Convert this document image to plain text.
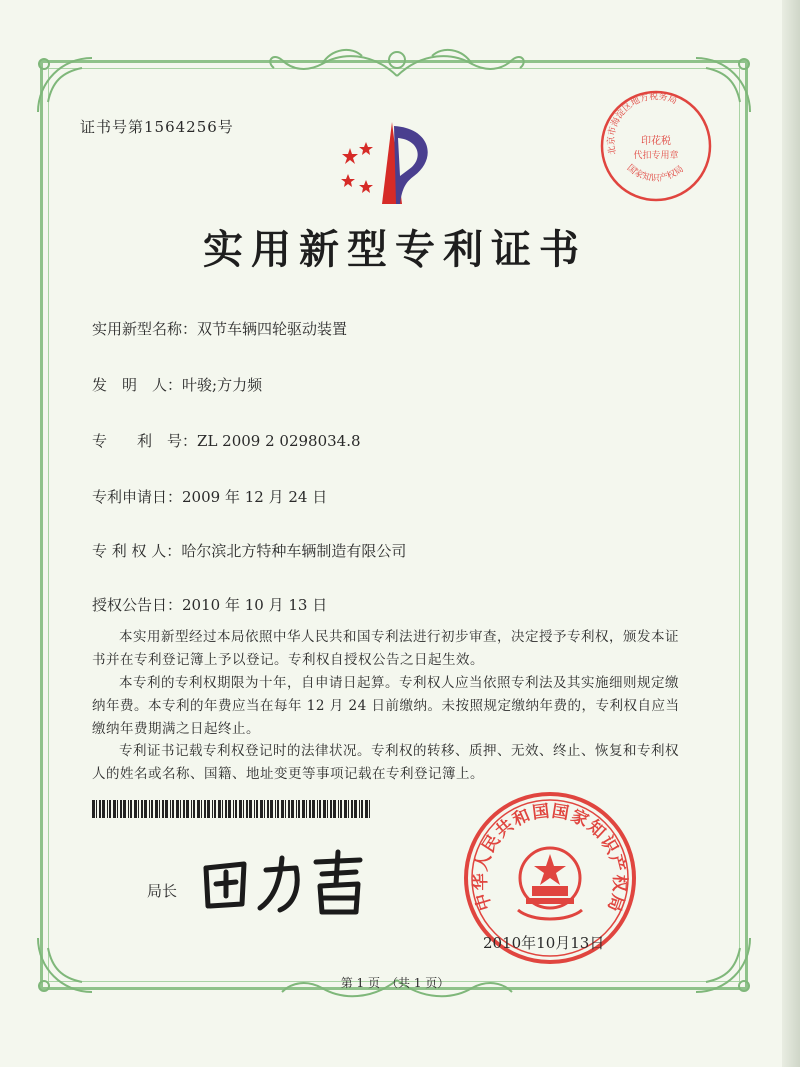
证书号第1564256号
实用新型专利证书
实用新型名称：双节车辆四轮驱动装置
发　明　人：叶骏;方力频
专　　利　号：ZL 2009 2 0298034.8
专利申请日：2009 年 12 月 24 日
专 利 权 人：哈尔滨北方特种车辆制造有限公司
授权公告日：2010 年 10 月 13 日
本实用新型经过本局依照中华人民共和国专利法进行初步审查，决定授予专利权，颁发本证书并在专利登记簿上予以登记。专利权自授权公告之日起生效。
本专利的专利权期限为十年，自申请日起算。专利权人应当依照专利法及其实施细则规定缴纳年费。本专利的年费应当在每年 12 月 24 日前缴纳。未按照规定缴纳年费的，专利权自应当缴纳年费期满之日起终止。
专利证书记载专利权登记时的法律状况。专利权的转移、质押、无效、终止、恢复和专利权人的姓名或名称、国籍、地址变更等事项记载在专利登记簿上。
局长	中华人民共和国国家知识产权局
2010年10月13日
北京市海淀区地方税务局
印花税
代扣专用章
国家知识产权局
第 1 页　（共 1 页）
